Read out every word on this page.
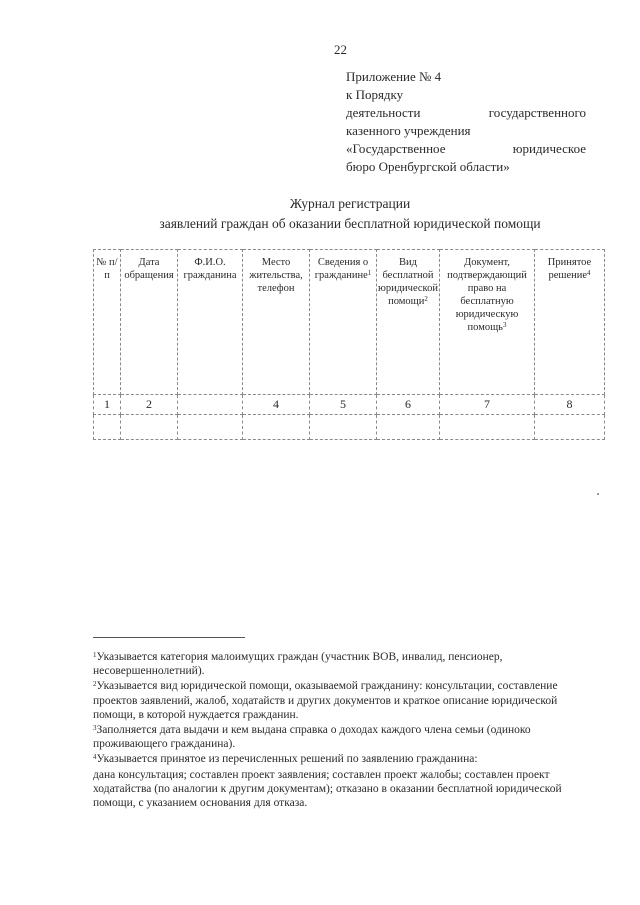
22
Приложение № 4
к Порядку
деятельности	государственного
казенного учреждения
«Государственное	юридическое
бюро Оренбургской области»
Журнал регистрации
заявлений граждан об оказании бесплатной юридической помощи
№ п/п	Дата обращения	Ф.И.О. гражданина	Место жительства, телефон	Сведения о гражданине$^1$	Вид бесплатной юридической помощи$^2$	Документ, подтверждающий право на бесплатную юридическую помощь$^3$	Принятое решение$^4$
1	2		4	5	6	7	8

$^1$Указывается категория малоимущих граждан (участник ВОВ, инвалид, пенсионер, несовершеннолетний).

$^2$Указывается вид юридической помощи, оказываемой гражданину: консультации, составление проектов заявлений, жалоб, ходатайств и других документов и краткое описание юридической помощи, в которой нуждается гражданин.

$^3$Заполняется дата выдачи и кем выдана справка о доходах каждого члена семьи (одиноко проживающего гражданина).

$^4$Указывается принятое из перечисленных решений по заявлению гражданина:

дана консультация; составлен проект заявления; составлен проект жалобы; составлен проект ходатайства (по аналогии к другим документам); отказано в оказании бесплатной юридической помощи, с указанием основания для отказа.
